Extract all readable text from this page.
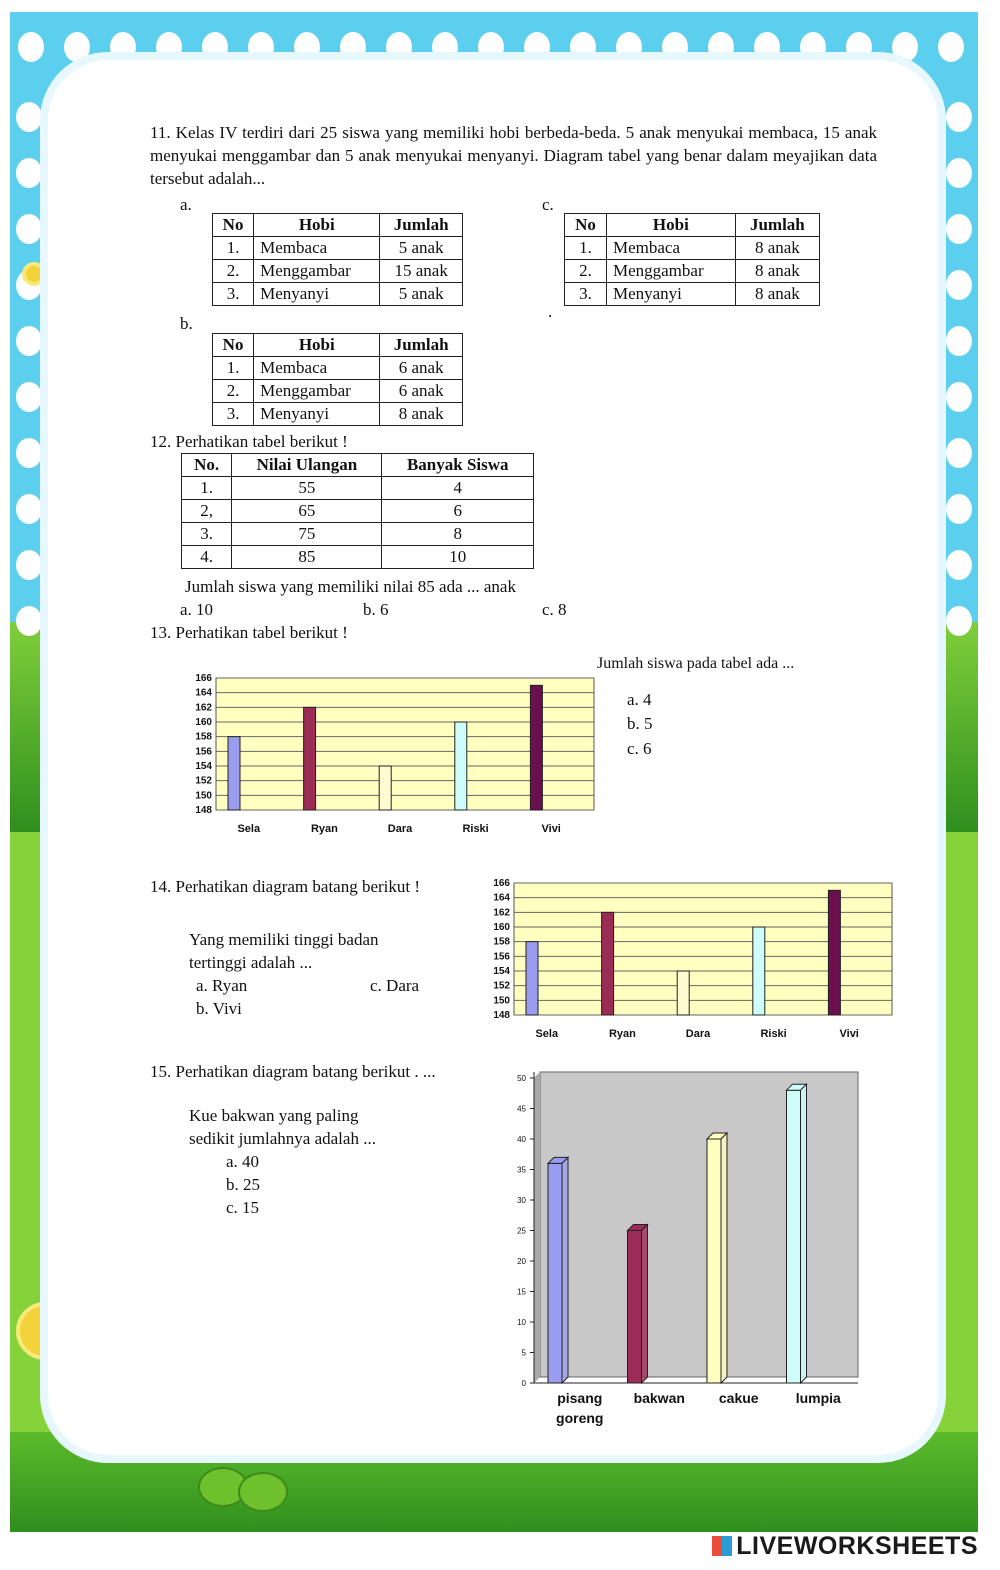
11. Kelas IV terdiri dari 25 siswa yang memiliki hobi berbeda-beda. 5 anak menyukai membaca, 15 anak menyukai menggambar dan 5 anak menyukai menyanyi. Diagram tabel yang benar dalam meyajikan data tersebut adalah...
a.	c.
b.
.
No	Hobi	Jumlah
1.	Membaca	5 anak
2.	Menggambar	15 anak
3.	Menyanyi	5 anak
No	Hobi	Jumlah
1.	Membaca	8 anak
2.	Menggambar	8 anak
3.	Menyanyi	8 anak
No	Hobi	Jumlah
1.	Membaca	6 anak
2.	Menggambar	6 anak
3.	Menyanyi	8 anak
12. Perhatikan tabel berikut !
No.	Nilai Ulangan	Banyak Siswa
1.	55	4
2,	65	6
3.	75	8
4.	85	10
Jumlah siswa yang memiliki nilai 85 ada ... anak
a. 10	b. 6	c. 8
13. Perhatikan tabel berikut !
Jumlah siswa pada tabel ada ...
a. 4
b. 5
c. 6
148
150
152
154
156
158
160
162
164
166
Sela	Ryan	Dara	Riski	Vivi
14. Perhatikan diagram batang berikut !
Yang memiliki tinggi badan
tertinggi adalah ...
a. Ryan	c. Dara
b. Vivi	148
150
152
154
156
158
160
162
164
166
Sela	Ryan	Dara	Riski	Vivi
15. Perhatikan diagram batang berikut . ...
Kue bakwan yang paling
sedikit jumlahnya adalah ...
a. 40
b. 25
c. 15
0
5
10
15
20
25
30
35
40
45
50
pisang
goreng
bakwan cakue	lumpia
LIVEWORKSHEETS
